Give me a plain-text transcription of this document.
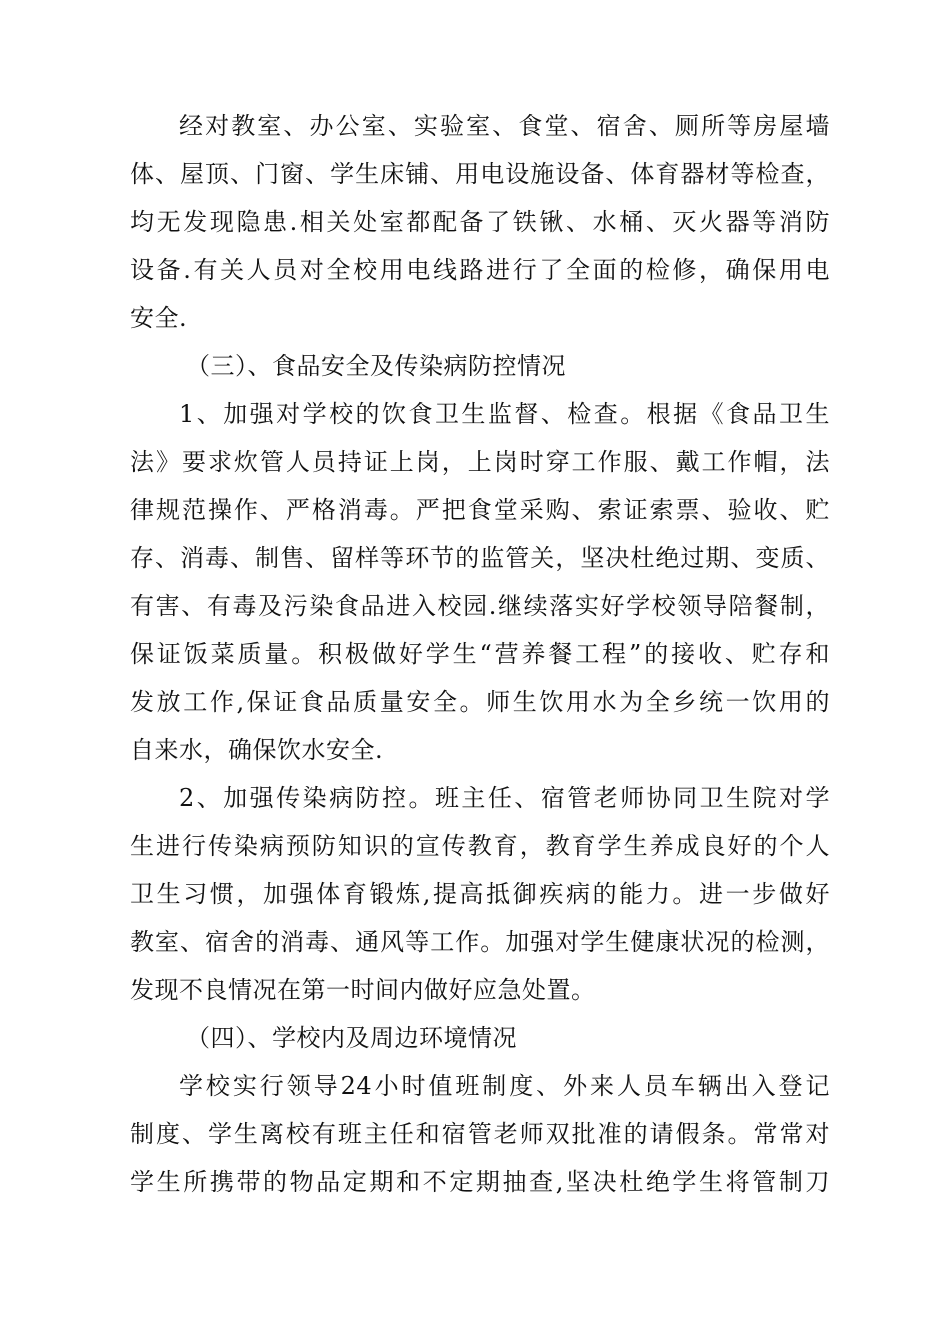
经对教室、办公室、实验室、食堂、宿舍、厕所等房屋墙
体、屋顶、门窗、学生床铺、用电设施设备、体育器材等检查，
均无发现隐患.相关处室都配备了铁锹、水桶、灭火器等消防
设备.有关人员对全校用电线路进行了全面的检修，确保用电
安全.
（三）、食品安全及传染病防控情况
1、加强对学校的饮食卫生监督、检查。根据《食品卫生
法》要求炊管人员持证上岗，上岗时穿工作服、戴工作帽，法
律规范操作、严格消毒。严把食堂采购、索证索票、验收、贮
存、消毒、制售、留样等环节的监管关，坚决杜绝过期、变质、
有害、有毒及污染食品进入校园.继续落实好学校领导陪餐制，
保证饭菜质量。积极做好学生“营养餐工程”的接收、贮存和
发放工作,保证食品质量安全。师生饮用水为全乡统一饮用的
自来水，确保饮水安全.
2、加强传染病防控。班主任、宿管老师协同卫生院对学
生进行传染病预防知识的宣传教育，教育学生养成良好的个人
卫生习惯，加强体育锻炼,提高抵御疾病的能力。进一步做好
教室、宿舍的消毒、通风等工作。加强对学生健康状况的检测，
发现不良情况在第一时间内做好应急处置。
（四）、学校内及周边环境情况
学校实行领导24小时值班制度、外来人员车辆出入登记
制度、学生离校有班主任和宿管老师双批准的请假条。常常对
学生所携带的物品定期和不定期抽查,坚决杜绝学生将管制刀
